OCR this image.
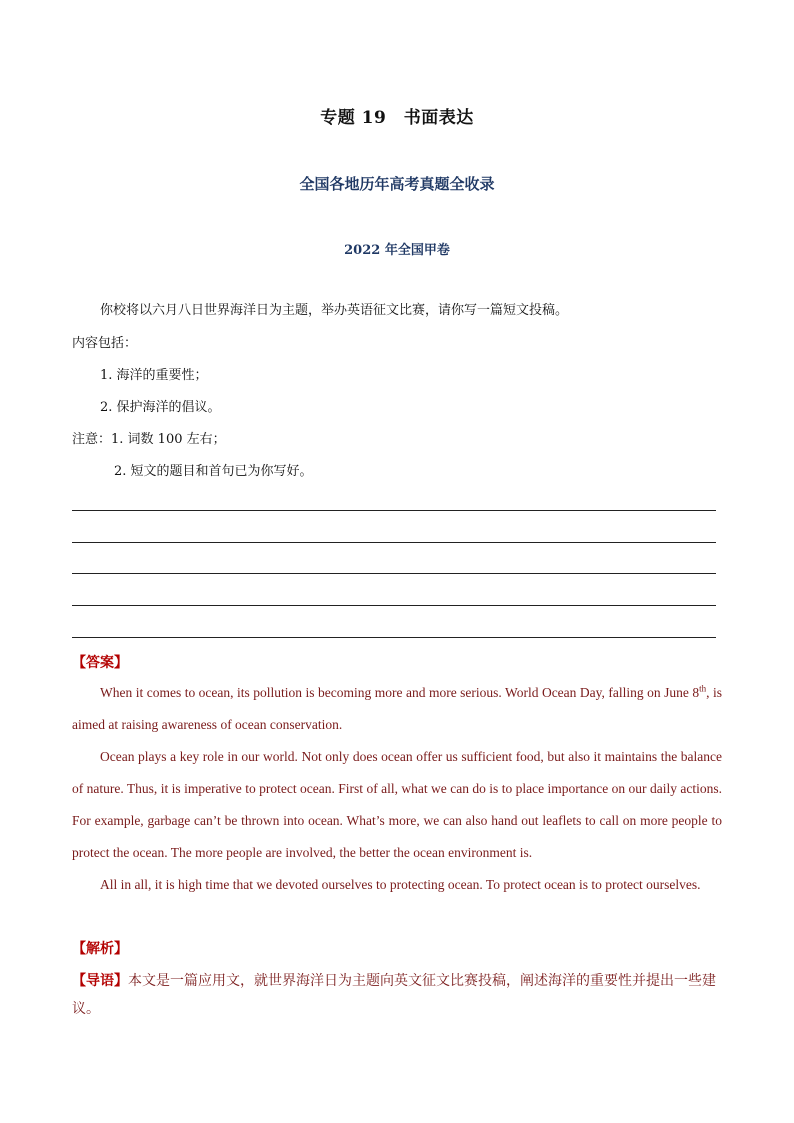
专题 19　书面表达
全国各地历年高考真题全收录
2022 年全国甲卷
你校将以六月八日世界海洋日为主题，举办英语征文比赛，请你写一篇短文投稿。
内容包括：
1. 海洋的重要性；
2. 保护海洋的倡议。
注意：1. 词数 100 左右；
2. 短文的题目和首句已为你写好。
【答案】

When it comes to ocean, its pollution is becoming more and more serious. World Ocean Day, falling on June 8th, is aimed at raising awareness of ocean conservation.

Ocean plays a key role in our world. Not only does ocean offer us sufficient food, but also it maintains the balance of nature. Thus, it is imperative to protect ocean. First of all, what we can do is to place importance on our daily actions. For example, garbage can’t be thrown into ocean. What’s more, we can also hand out leaflets to call on more people to protect the ocean. The more people are involved, the better the ocean environment is.

All in all, it is high time that we devoted ourselves to protecting ocean. To protect ocean is to protect ourselves.

【解析】
【导语】本文是一篇应用文，就世界海洋日为主题向英文征文比赛投稿，阐述海洋的重要性并提出一些建议。
